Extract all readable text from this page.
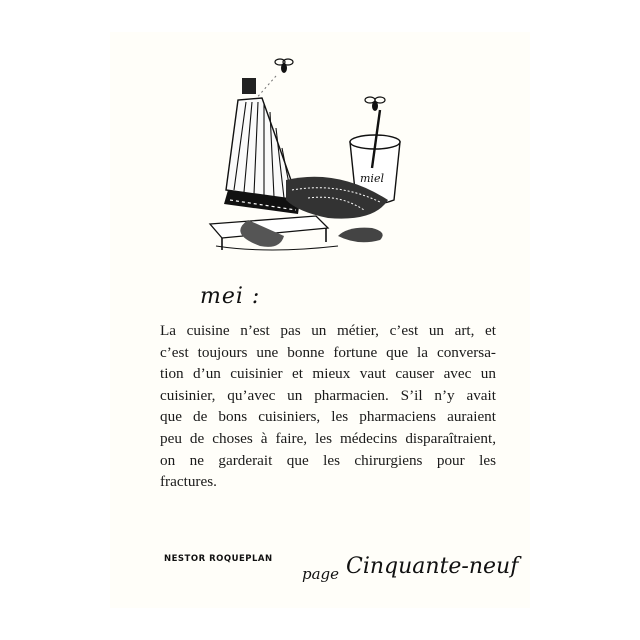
miel
mei :
La cuisine n’est pas un métier, c’est un art, et
c’est toujours une bonne fortune que la conversa-
tion d’un cuisinier et mieux vaut causer avec un
cuisinier, qu’avec un pharmacien. S’il n’y avait
que de bons cuisiniers, les pharmaciens auraient
peu de choses à faire, les médecins disparaîtraient,
on ne garderait que les chirurgiens pour les
fractures.
NESTOR ROQUEPLAN
page Cinquante-neuf
